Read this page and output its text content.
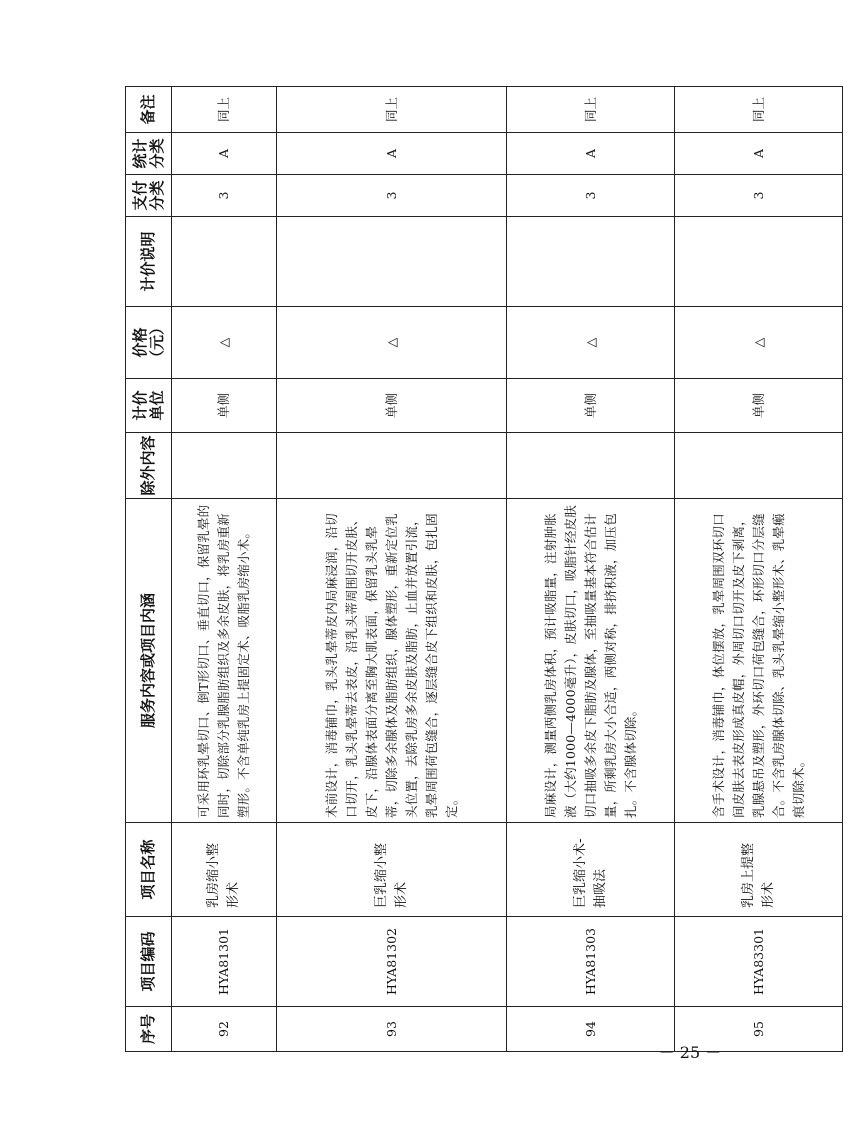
序号	项目编码	项目名称	服务内容或项目内涵	除外内容	计价 单位	价格 （元）	计价说明	支付 分类	统计 分类	备注
92	HYA81301	乳房缩小整形术	可采用环乳晕切口、倒T形切口、垂直切口，保留乳晕的同时，切除部分乳腺脂肪组织及多余皮肤，将乳房重新塑形。不含单纯乳房上提固定术、吸脂乳房缩小术。		单侧	△		3	A	同上
93	HYA81302	巨乳缩小整形术	术前设计，消毒铺巾，乳头乳晕蒂皮内局麻浸润，沿切口切开，乳头乳晕蒂去表皮，沿乳头蒂周围切开皮肤、皮下，沿腺体表面分离至胸大肌表面，保留乳头乳晕蒂，切除多余腺体及脂肪组织，腺体塑形，重新定位乳头位置，去除乳房多余皮肤及脂肪，止血并放置引流，乳晕周围荷包缝合，逐层缝合皮下组织和皮肤，包扎固定。		单侧	△		3	A	同上
94	HYA81303	巨乳缩小术-抽吸法	局麻设计，测量两侧乳房体积，预计吸脂量，注射肿胀液（大约1000—4000毫升），皮肤切口，吸脂针经皮肤切口抽吸多余皮下脂肪及腺体，至抽吸量基本符合估计量，所剩乳房大小合适，两侧对称，排挤积液，加压包扎。不含腺体切除。		单侧	△		3	A	同上
95	HYA83301	乳房上提整形术	含手术设计，消毒铺巾，体位摆放，乳晕周围双环切口间皮肤去表皮形成真皮帽，外周切口切开及皮下剥离，乳腺悬吊及塑形，外环切口荷包缝合，环形切口分层缝合。不含乳房腺体切除、乳头乳晕缩小整形术、乳晕瘢痕切除术。		单侧	△		3	A	同上
－ 25 －
